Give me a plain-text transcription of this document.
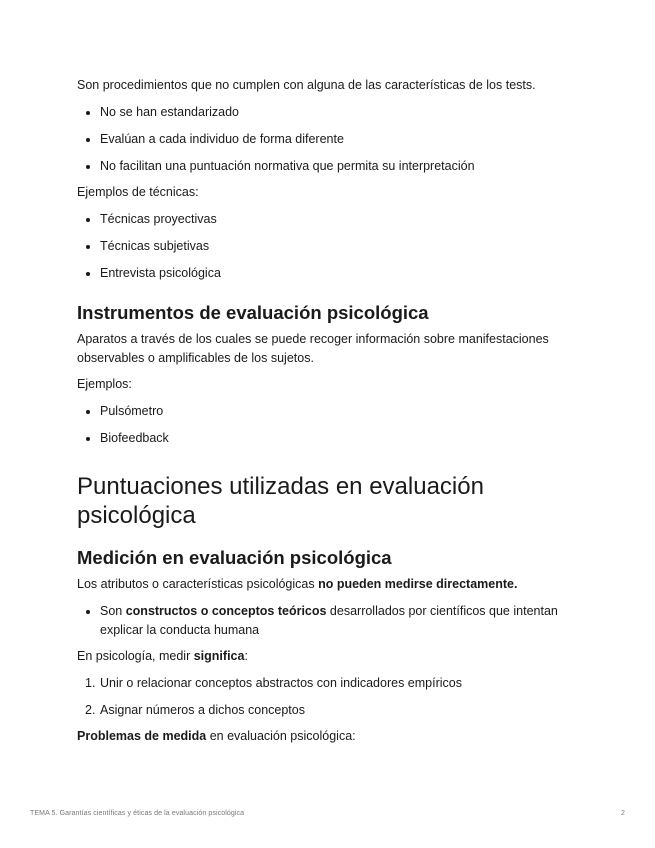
Son procedimientos que no cumplen con alguna de las características de los tests.

No se han estandarizado
Evalúan a cada individuo de forma diferente
No facilitan una puntuación normativa que permita su interpretación

Ejemplos de técnicas:

Técnicas proyectivas
Técnicas subjetivas
Entrevista psicológica
Instrumentos de evaluación psicológica

Aparatos a través de los cuales se puede recoger información sobre manifestaciones observables o amplificables de los sujetos.

Ejemplos:

Pulsómetro
Biofeedback
Puntuaciones utilizadas en evaluación
psicológica
Medición en evaluación psicológica

Los atributos o características psicológicas no pueden medirse directamente.

Son constructos o conceptos teóricos desarrollados por científicos que intentan explicar la conducta humana

En psicología, medir significa:

1. Unir o relacionar conceptos abstractos con indicadores empíricos
2. Asignar números a dichos conceptos

Problemas de medida en evaluación psicológica:

TEMA 5. Garantías científicas y éticas de la evaluación psicológica	2
